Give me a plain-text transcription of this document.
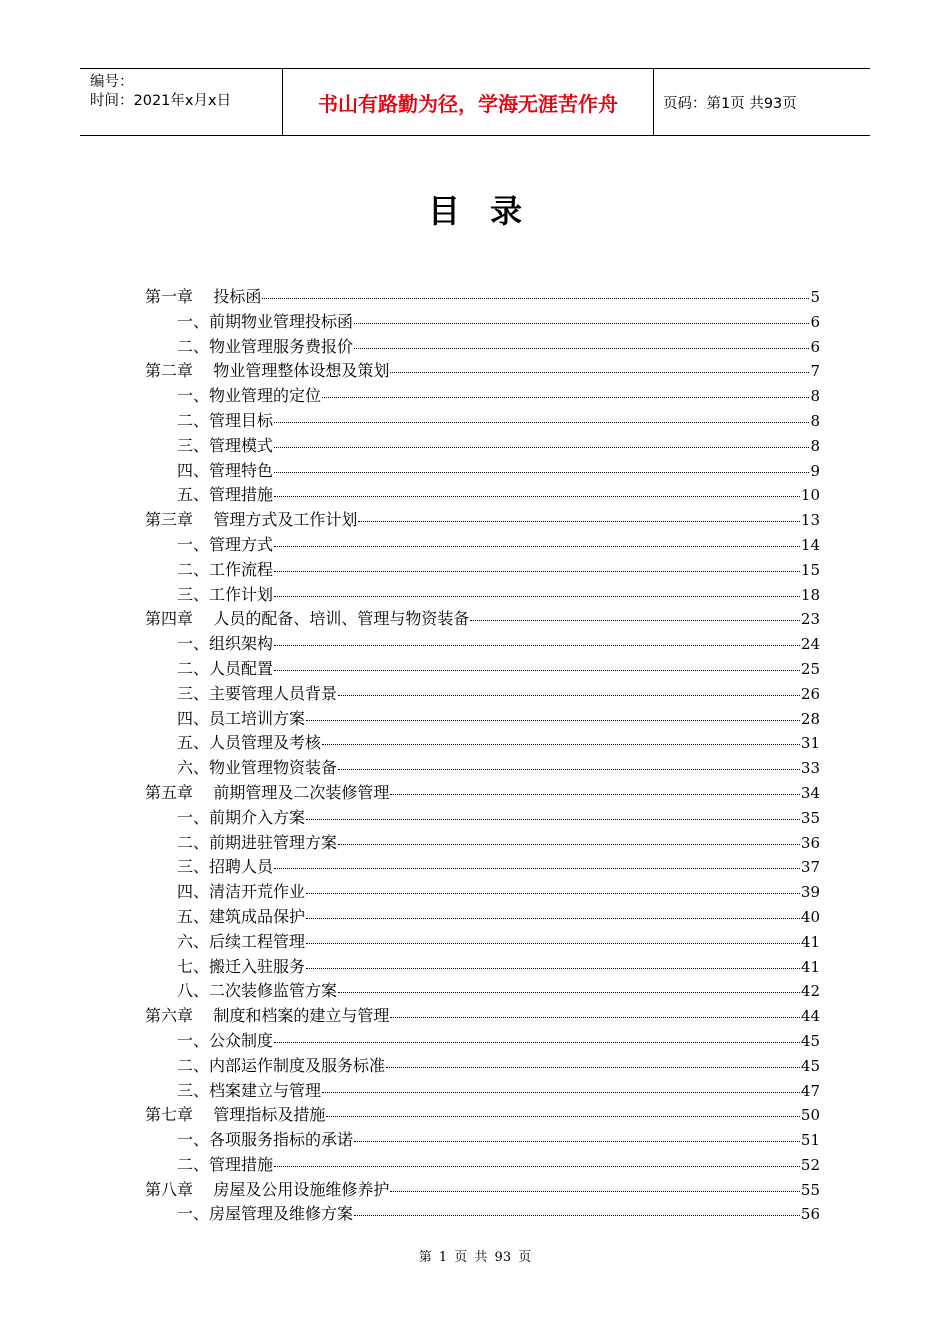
编号：
时间：2021年x月x日	书山有路勤为径，学海无涯苦作舟	页码：第1页 共93页
目录
第一章    投标函	5
一、前期物业管理投标函	6
二、物业管理服务费报价	6
第二章    物业管理整体设想及策划	7
一、物业管理的定位	8
二、管理目标	8
三、管理模式	8
四、管理特色	9
五、管理措施	10
第三章    管理方式及工作计划	13
一、管理方式	14
二、工作流程	15
三、工作计划	18
第四章    人员的配备、培训、管理与物资装备	23
一、组织架构	24
二、人员配置	25
三、主要管理人员背景	26
四、员工培训方案	28
五、人员管理及考核	31
六、物业管理物资装备	33
第五章    前期管理及二次装修管理	34
一、前期介入方案	35
二、前期进驻管理方案	36
三、招聘人员	37
四、清洁开荒作业	39
五、建筑成品保护	40
六、后续工程管理	41
七、搬迁入驻服务	41
八、二次装修监管方案	42
第六章    制度和档案的建立与管理	44
一、公众制度	45
二、内部运作制度及服务标准	45
三、档案建立与管理	47
第七章    管理指标及措施	50
一、各项服务指标的承诺	51
二、管理措施	52
第八章    房屋及公用设施维修养护	55
一、房屋管理及维修方案	56
第 1 页 共 93 页
